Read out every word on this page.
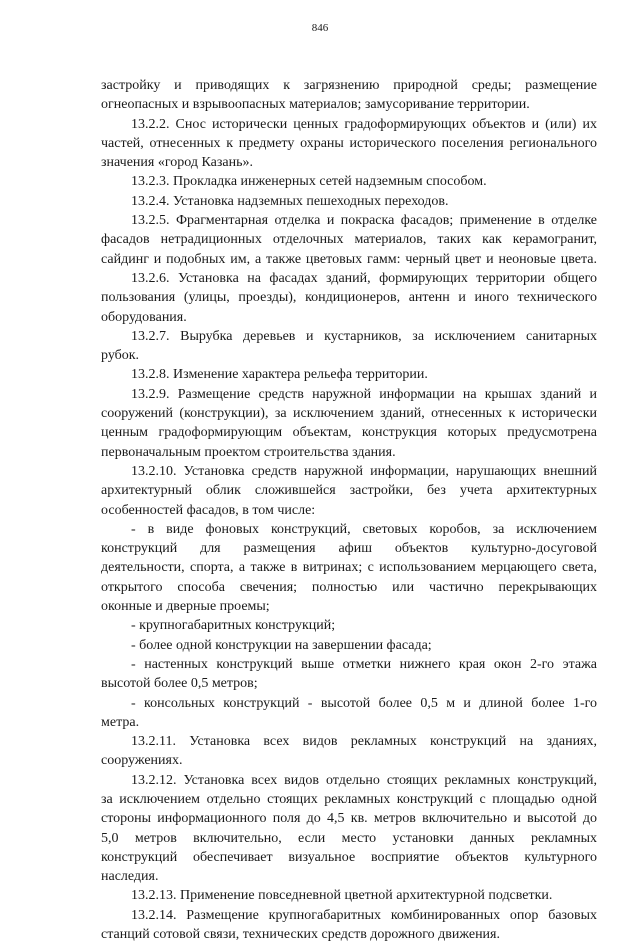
846
застройку и приводящих к загрязнению природной среды; размещение
огнеопасных и взрывоопасных материалов; замусоривание территории.
13.2.2. Снос исторически ценных градоформирующих объектов и (или) их
частей, отнесенных к предмету охраны исторического поселения регионального
значения «город Казань».
13.2.3. Прокладка инженерных сетей надземным способом.
13.2.4. Установка надземных пешеходных переходов.
13.2.5. Фрагментарная отделка и покраска фасадов; применение в отделке
фасадов нетрадиционных отделочных материалов, таких как керамогранит,
сайдинг и подобных им, а также цветовых гамм: черный цвет и неоновые цвета.
13.2.6. Установка на фасадах зданий, формирующих территории общего
пользования (улицы, проезды), кондиционеров, антенн и иного технического
оборудования.
13.2.7. Вырубка деревьев и кустарников, за исключением санитарных
рубок.
13.2.8. Изменение характера рельефа территории.
13.2.9. Размещение средств наружной информации на крышах зданий и
сооружений (конструкции), за исключением зданий, отнесенных к исторически
ценным градоформирующим объектам, конструкция которых предусмотрена
первоначальным проектом строительства здания.
13.2.10. Установка средств наружной информации, нарушающих внешний
архитектурный облик сложившейся застройки, без учета архитектурных
особенностей фасадов, в том числе:
- в виде фоновых конструкций, световых коробов, за исключением
конструкций для размещения афиш объектов культурно-досуговой
деятельности, спорта, а также в витринах; с использованием мерцающего света,
открытого способа свечения; полностью или частично перекрывающих
оконные и дверные проемы;
- крупногабаритных конструкций;
- более одной конструкции на завершении фасада;
- настенных конструкций выше отметки нижнего края окон 2-го этажа
высотой более 0,5 метров;
- консольных конструкций - высотой более 0,5 м и длиной более 1-го
метра.
13.2.11. Установка всех видов рекламных конструкций на зданиях,
сооружениях.
13.2.12. Установка всех видов отдельно стоящих рекламных конструкций,
за исключением отдельно стоящих рекламных конструкций с площадью одной
стороны информационного поля до 4,5 кв. метров включительно и высотой до
5,0 метров включительно, если место установки данных рекламных
конструкций обеспечивает визуальное восприятие объектов культурного
наследия.
13.2.13. Применение повседневной цветной архитектурной подсветки.
13.2.14. Размещение крупногабаритных комбинированных опор базовых
станций сотовой связи, технических средств дорожного движения.
